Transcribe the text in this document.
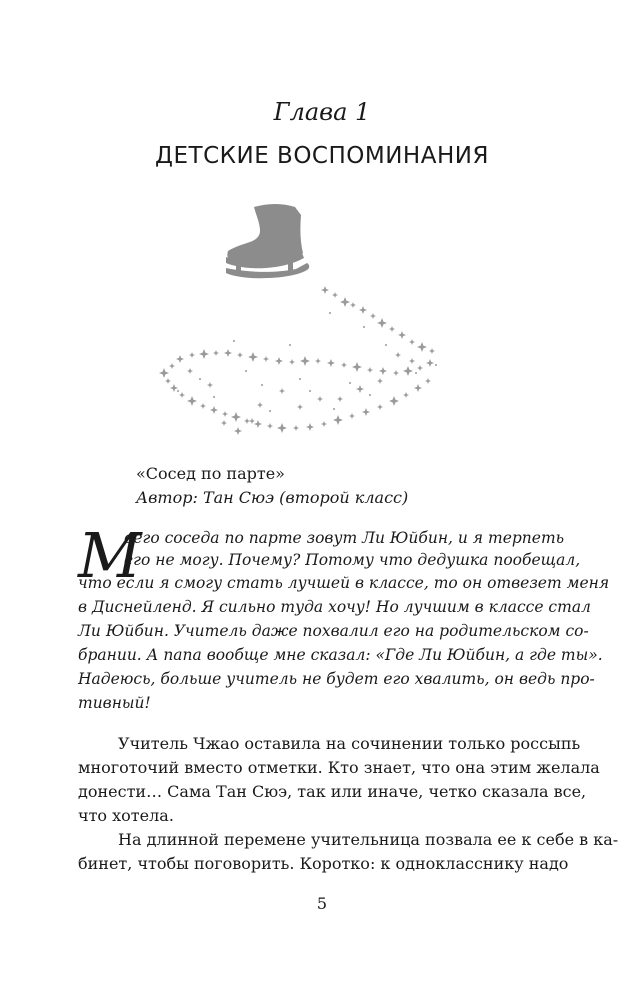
Глава 1
ДЕТСКИЕ ВОСПОМИНАНИЯ
«Сосед по парте»
Автор: Тан Сюэ (второй класс)
М
оего соседа по парте зовут Ли Юйбин, и я терпеть
его не могу. Почему? Потому что дедушка пообещал,
что если я смогу стать лучшей в классе, то он отвезет меня
в Диснейленд. Я сильно туда хочу! Но лучшим в классе стал
Ли Юйбин. Учитель даже похвалил его на родительском со-
брании. А папа вообще мне сказал: «Где Ли Юйбин, а где ты».
Надеюсь, больше учитель не будет его хвалить, он ведь про-
тивный!
Учитель Чжао оставила на сочинении только россыпь
многоточий вместо отметки. Кто знает, что она этим желала
донести… Сама Тан Сюэ, так или иначе, четко сказала все,
что хотела.
На длинной перемене учительница позвала ее к себе в ка-
бинет, чтобы поговорить. Коротко: к однокласснику надо
5
